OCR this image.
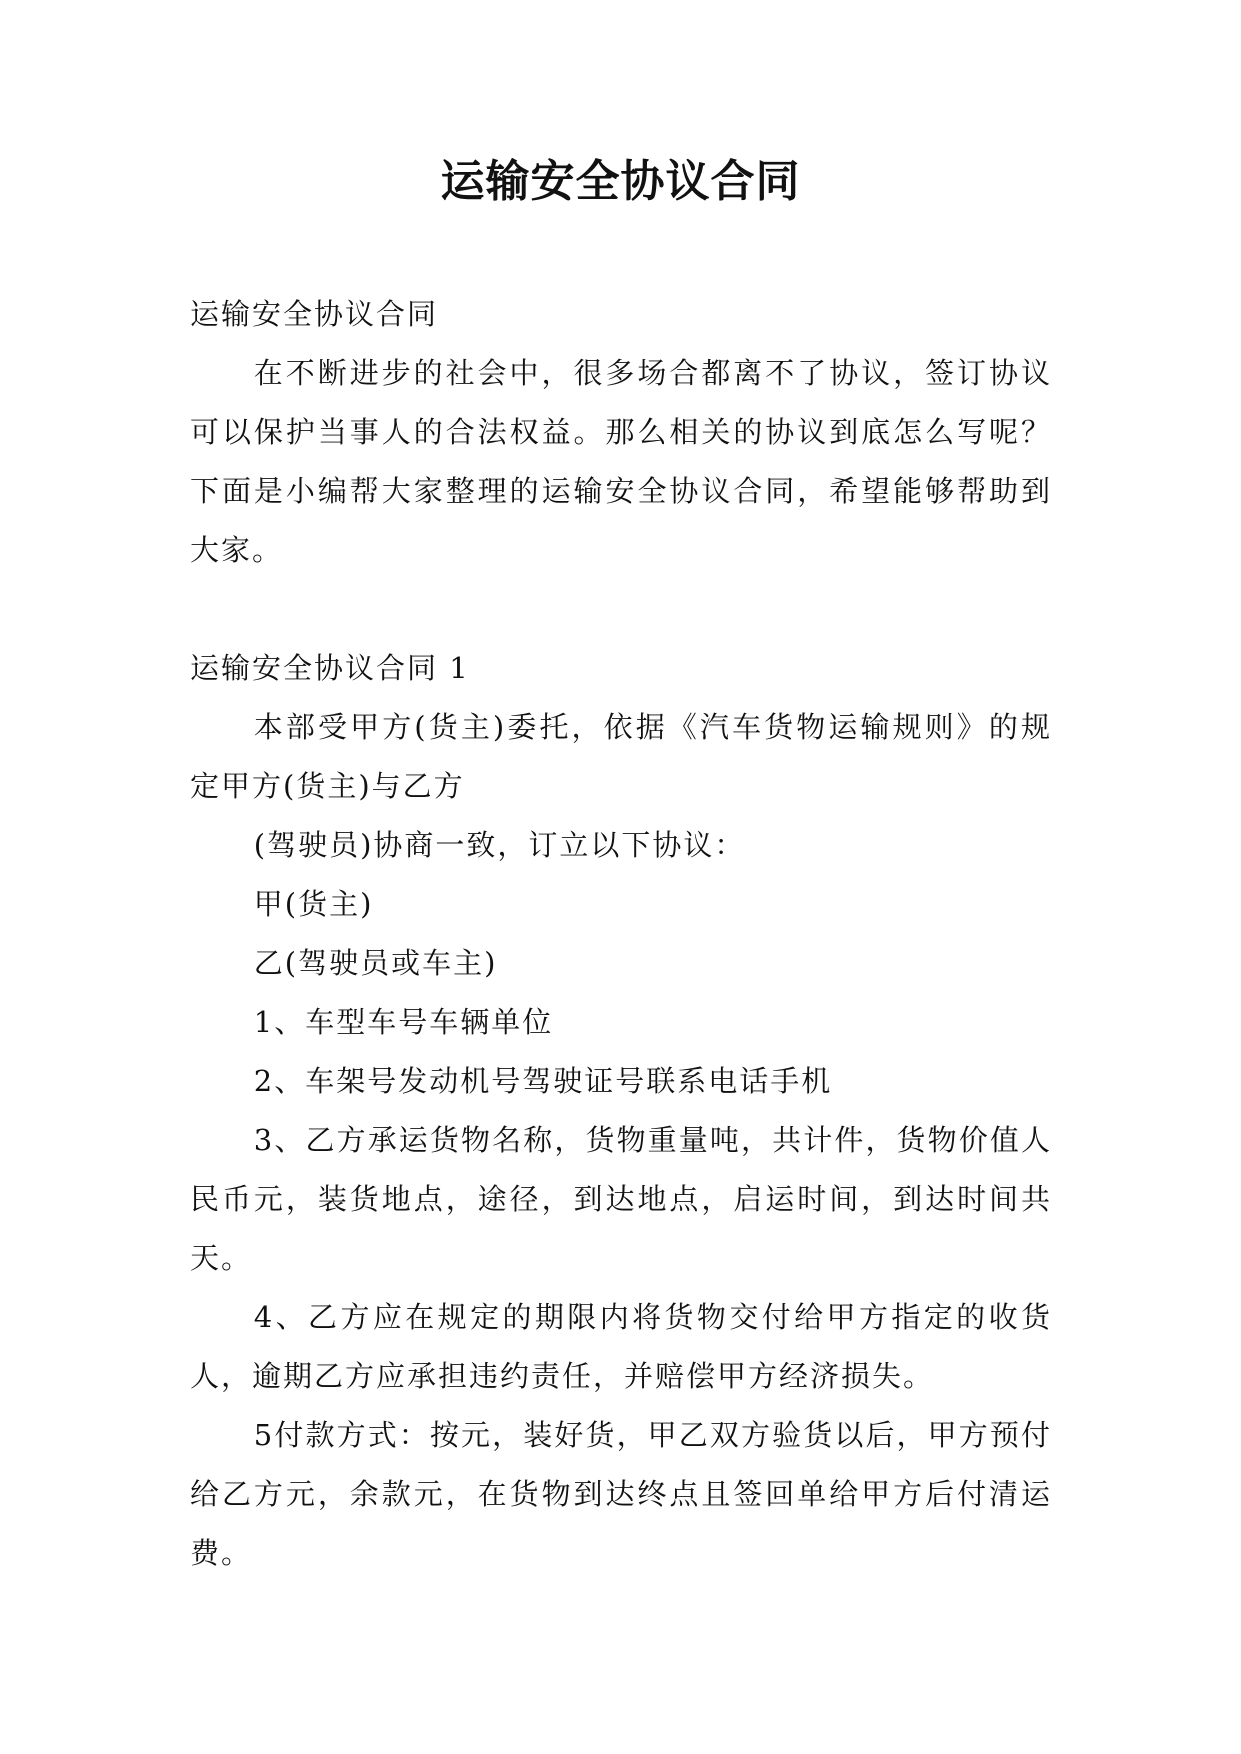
运输安全协议合同

运输安全协议合同

在不断进步的社会中，很多场合都离不了协议，签订协议可以保护当事人的合法权益。那么相关的协议到底怎么写呢？下面是小编帮大家整理的运输安全协议合同，希望能够帮助到大家。

运输安全协议合同 1

本部受甲方(货主)委托，依据《汽车货物运输规则》的规定甲方(货主)与乙方

(驾驶员)协商一致，订立以下协议：

甲(货主)

乙(驾驶员或车主)

1、车型车号车辆单位

2、车架号发动机号驾驶证号联系电话手机

3、乙方承运货物名称，货物重量吨，共计件，货物价值人民币元，装货地点，途径，到达地点，启运时间，到达时间共天。

4、乙方应在规定的期限内将货物交付给甲方指定的收货人，逾期乙方应承担违约责任，并赔偿甲方经济损失。

5付款方式：按元，装好货，甲乙双方验货以后，甲方预付给乙方元，余款元，在货物到达终点且签回单给甲方后付清运费。
